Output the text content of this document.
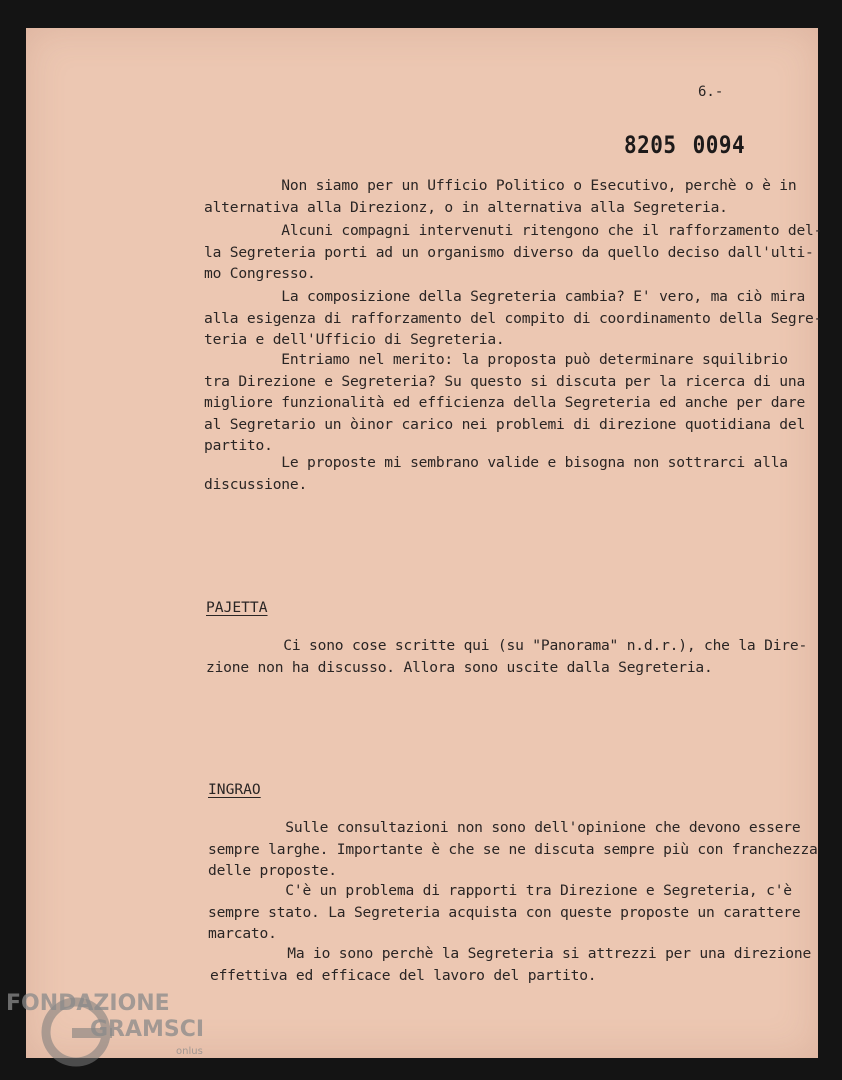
6.-
8205 0094
Non siamo per un Ufficio Politico o Esecutivo, perchè o è in
alternativa alla Direzionz, o in alternativa alla Segreteria.
Alcuni compagni intervenuti ritengono che il rafforzamento del-
la Segreteria porti ad un organismo diverso da quello deciso dall'ulti-
mo Congresso.
La composizione della Segreteria cambia? E' vero, ma ciò mira
alla esigenza di rafforzamento del compito di coordinamento della Segre-
teria e dell'Ufficio di Segreteria.
Entriamo nel merito: la proposta può determinare squilibrio
tra Direzione e Segreteria? Su questo si discuta per la ricerca di una
migliore funzionalità ed efficienza della Segreteria ed anche per dare
al Segretario un òinor carico nei problemi di direzione quotidiana del
partito.
Le proposte mi sembrano valide e bisogna non sottrarci alla
discussione.
PAJETTA
Ci sono cose scritte qui (su "Panorama" n.d.r.), che la Dire-
zione non ha discusso. Allora sono uscite dalla Segreteria.
INGRAO
Sulle consultazioni non sono dell'opinione che devono essere
sempre larghe. Importante è che se ne discuta sempre più con franchezza
delle proposte.
C'è un problema di rapporti tra Direzione e Segreteria, c'è
sempre stato. La Segreteria acquista con queste proposte un carattere
marcato.
Ma io sono perchè la Segreteria si attrezzi per una direzione
effettiva ed efficace del lavoro del partito.
FONDAZIONE
GRAMSCI
onlus
